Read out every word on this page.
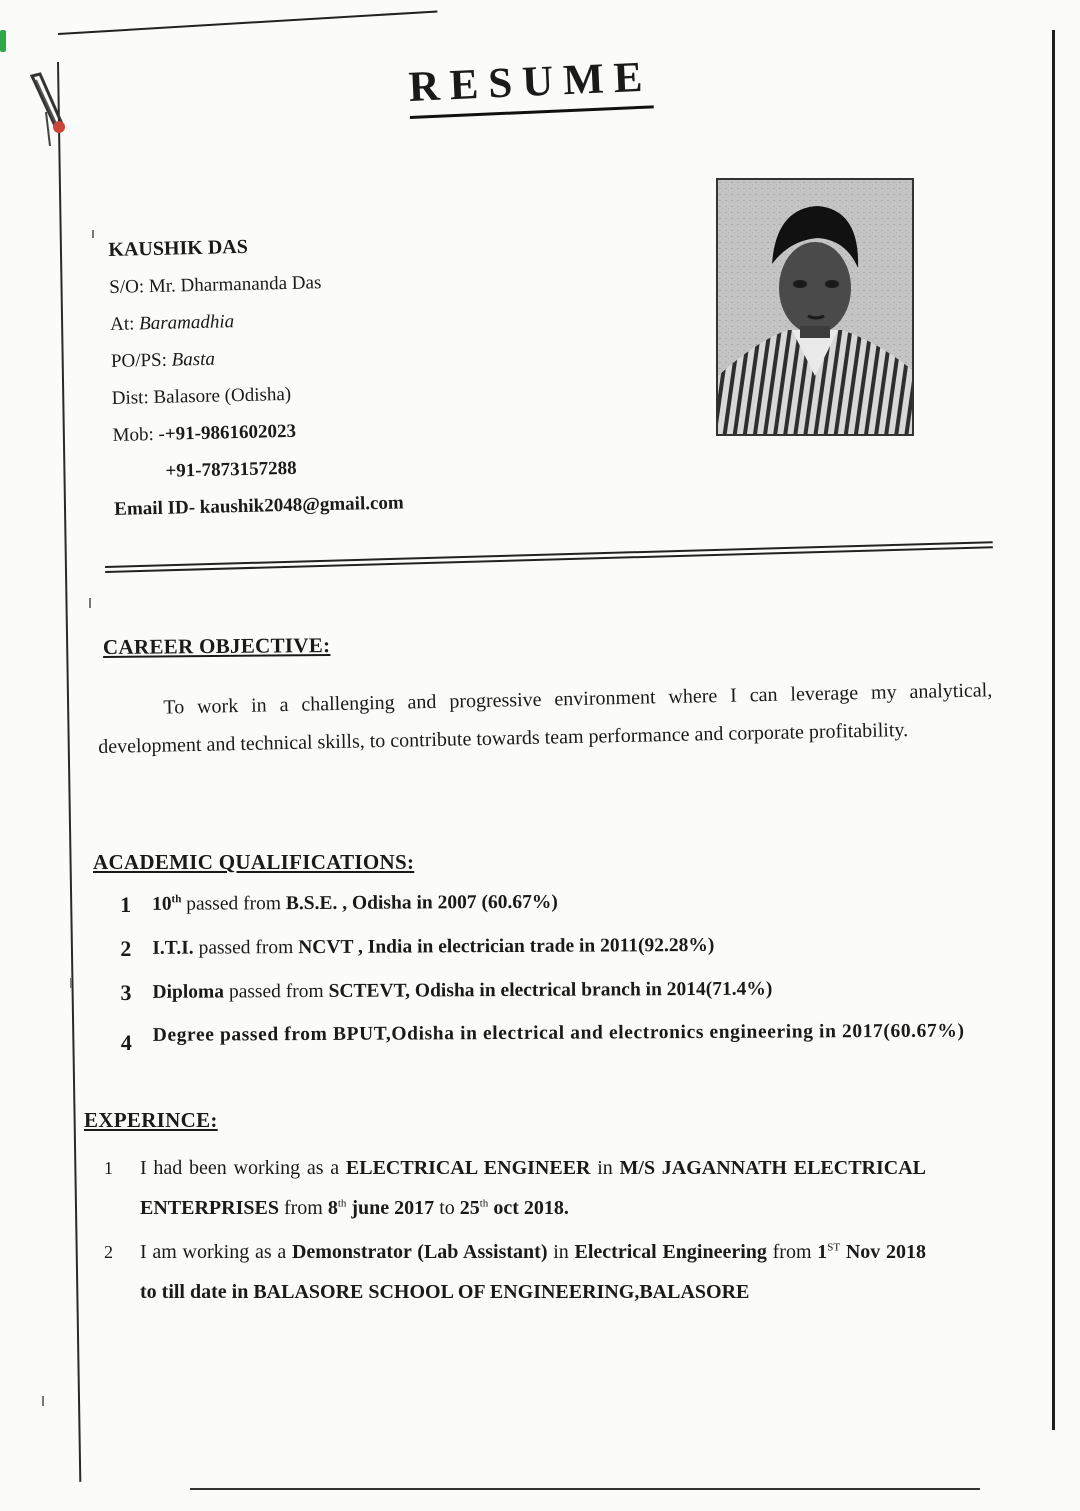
RESUME
KAUSHIK DAS
S/O: Mr. Dharmananda Das
At: Baramadhia
PO/PS: Basta
Dist: Balasore (Odisha)
Mob: -+91-9861602023
+91-7873157288
Email ID- kaushik2048@gmail.com
CAREER OBJECTIVE:

To work in a challenging and progressive environment where I can leverage my analytical, development and technical skills, to contribute towards team performance and corporate profitability.

ACADEMIC QUALIFICATIONS:
1 10th passed from B.S.E. , Odisha in 2007 (60.67%)
2 I.T.I. passed from NCVT , India in electrician trade in 2011(92.28%)
3 Diploma passed from SCTEVT, Odisha in electrical branch in 2014(71.4%)
4 Degree passed from BPUT,Odisha in electrical and electronics engineering in 2017(60.67%)
EXPERINCE:
1 I had been working as a ELECTRICAL ENGINEER in M/S JAGANNATH ELECTRICAL ENTERPRISES from 8th june 2017 to 25th oct 2018.
2 I am working as a Demonstrator (Lab Assistant) in Electrical Engineering from 1ST Nov 2018 to till date in BALASORE SCHOOL OF ENGINEERING,BALASORE
